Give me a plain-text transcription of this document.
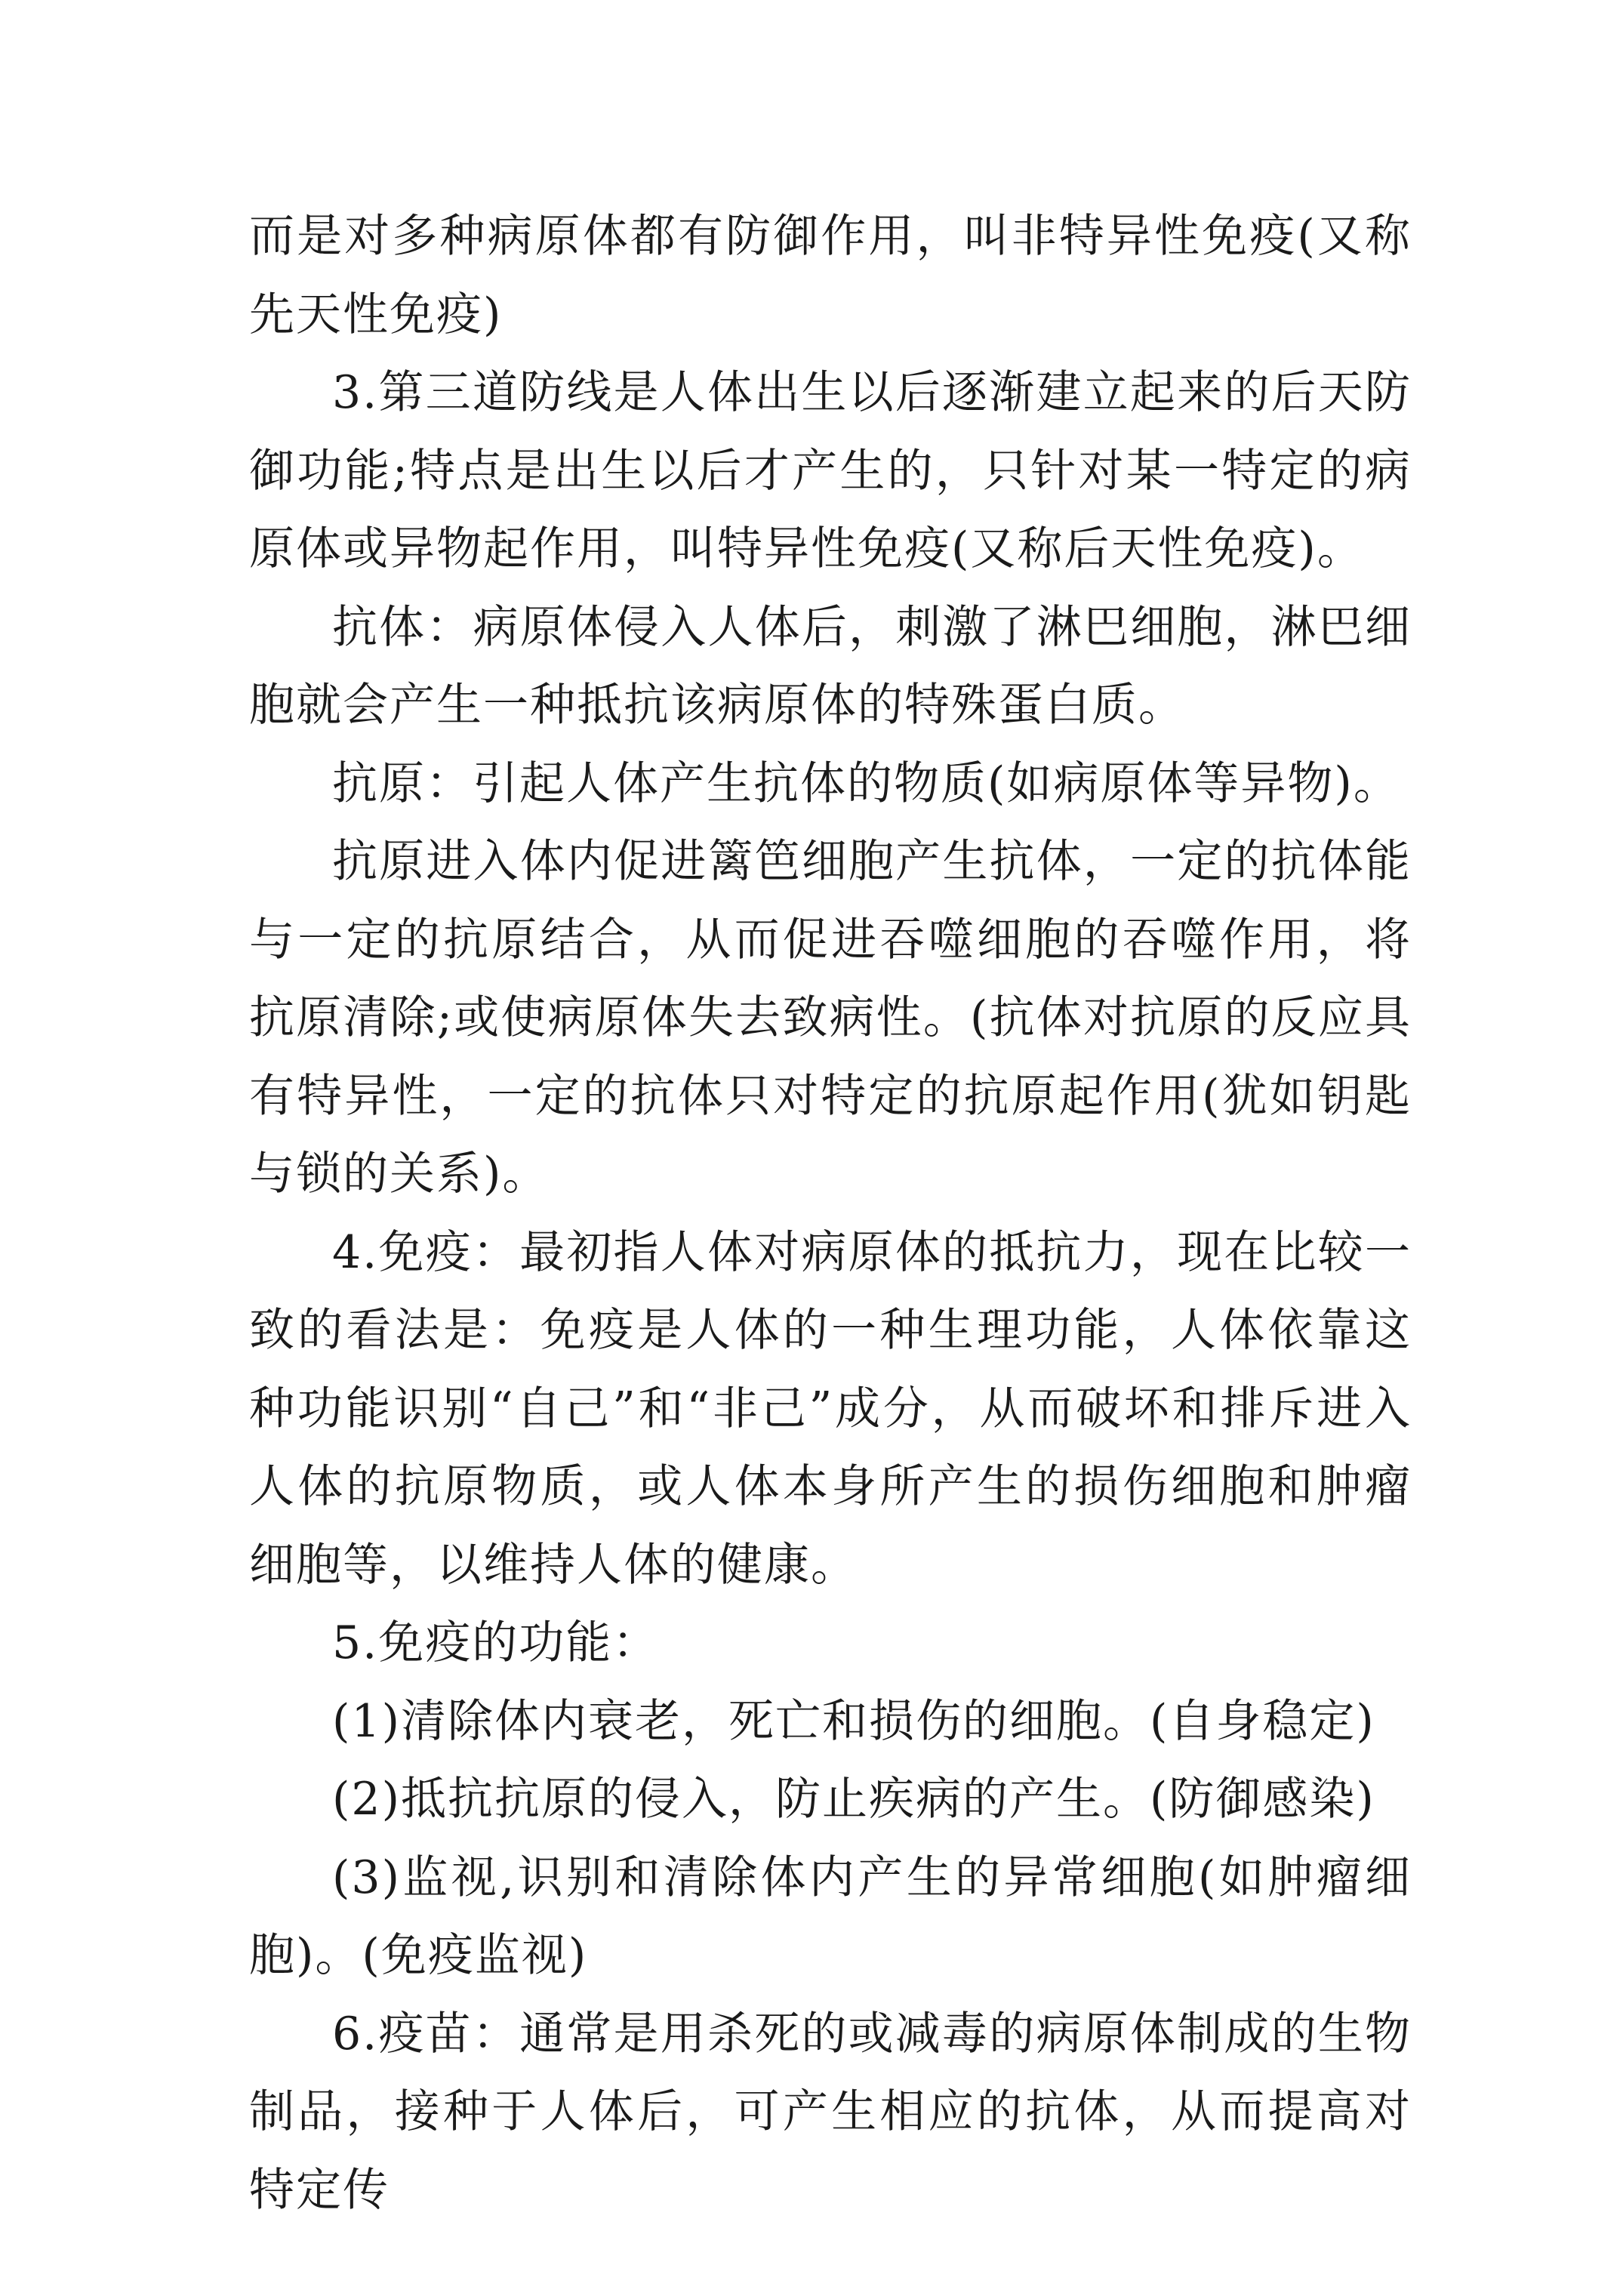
而是对多种病原体都有防御作用，叫非特异性免疫(又称先天性免疫)

3.第三道防线是人体出生以后逐渐建立起来的后天防御功能;特点是出生以后才产生的，只针对某一特定的病原体或异物起作用，叫特异性免疫(又称后天性免疫)。

抗体：病原体侵入人体后，刺激了淋巴细胞，淋巴细胞就会产生一种抵抗该病原体的特殊蛋白质。

抗原：引起人体产生抗体的物质(如病原体等异物)。

抗原进入体内促进篱笆细胞产生抗体，一定的抗体能与一定的抗原结合，从而促进吞噬细胞的吞噬作用，将抗原清除;或使病原体失去致病性。(抗体对抗原的反应具有特异性，一定的抗体只对特定的抗原起作用(犹如钥匙与锁的关系)。

4.免疫：最初指人体对病原体的抵抗力，现在比较一致的看法是：免疫是人体的一种生理功能，人体依靠这种功能识别“自己”和“非己”成分，从而破坏和排斥进入人体的抗原物质，或人体本身所产生的损伤细胞和肿瘤细胞等，以维持人体的健康。

5.免疫的功能：

(1)清除体内衰老，死亡和损伤的细胞。(自身稳定)

(2)抵抗抗原的侵入，防止疾病的产生。(防御感染)

(3)监视,识别和清除体内产生的异常细胞(如肿瘤细胞)。(免疫监视)

6.疫苗：通常是用杀死的或减毒的病原体制成的生物制品，接种于人体后，可产生相应的抗体，从而提高对特定传
